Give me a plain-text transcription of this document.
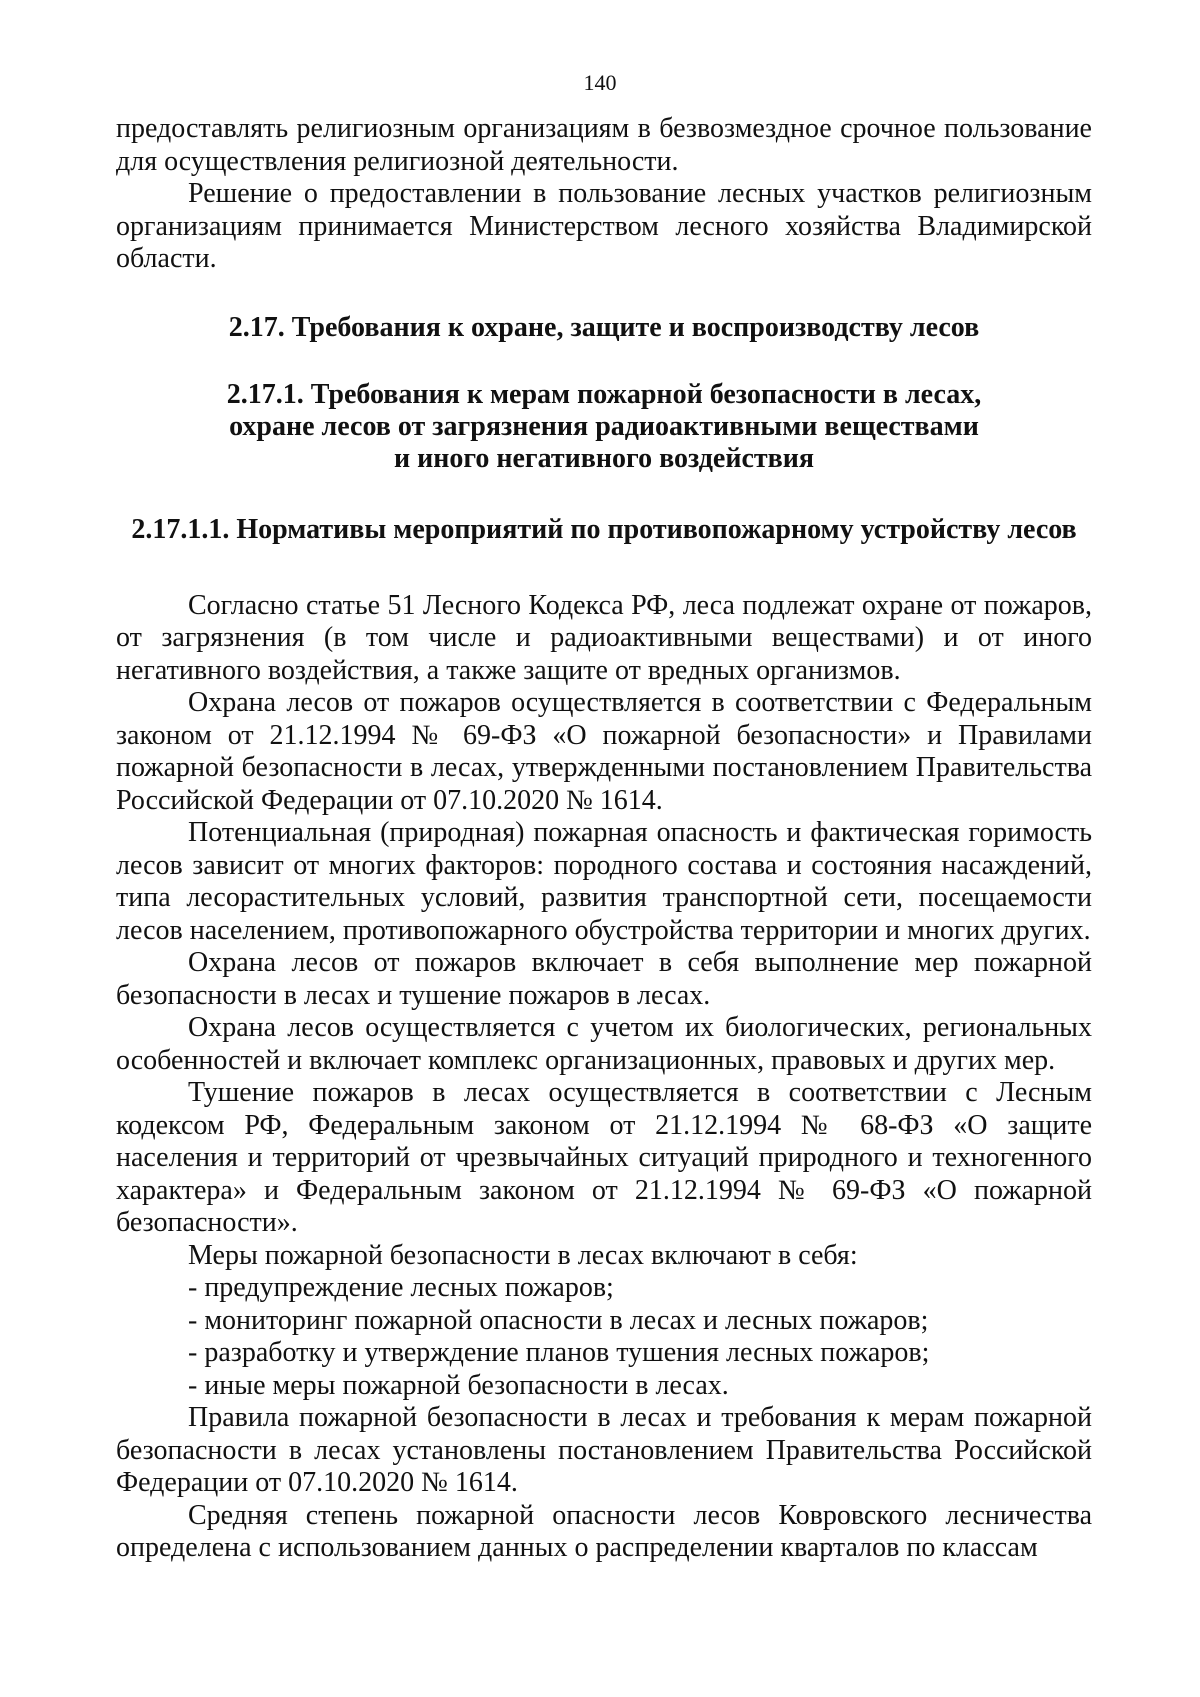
140

предоставлять религиозным организациям в безвозмездное срочное пользование для осуществления религиозной деятельности.

Решение о предоставлении в пользование лесных участков религиозным организациям принимается Министерством лесного хозяйства Владимирской области.

2.17. Требования к охране, защите и воспроизводству лесов
2.17.1. Требования к мерам пожарной безопасности в лесах,
охране лесов от загрязнения радиоактивными веществами
и иного негативного воздействия
2.17.1.1. Нормативы мероприятий по противопожарному устройству лесов

Согласно статье 51 Лесного Кодекса РФ, леса подлежат охране от пожаров, от загрязнения (в том числе и радиоактивными веществами) и от иного негативного воздействия, а также защите от вредных организмов.

Охрана лесов от пожаров осуществляется в соответствии с Федеральным законом от 21.12.1994 № 69-ФЗ «О пожарной безопасности» и Правилами пожарной безопасности в лесах, утвержденными постановлением Правительства Российской Федерации от 07.10.2020 № 1614.

Потенциальная (природная) пожарная опасность и фактическая горимость лесов зависит от многих факторов: породного состава и состояния насаждений, типа лесорастительных условий, развития транспортной сети, посещаемости лесов населением, противопожарного обустройства территории и многих других.

Охрана лесов от пожаров включает в себя выполнение мер пожарной безопасности в лесах и тушение пожаров в лесах.

Охрана лесов осуществляется с учетом их биологических, региональных особенностей и включает комплекс организационных, правовых и других мер.

Тушение пожаров в лесах осуществляется в соответствии с Лесным кодексом РФ, Федеральным законом от 21.12.1994 № 68-ФЗ «О защите населения и территорий от чрезвычайных ситуаций природного и техногенного характера» и Федеральным законом от 21.12.1994 № 69-ФЗ «О пожарной безопасности».

Меры пожарной безопасности в лесах включают в себя:

- предупреждение лесных пожаров;

- мониторинг пожарной опасности в лесах и лесных пожаров;

- разработку и утверждение планов тушения лесных пожаров;

- иные меры пожарной безопасности в лесах.

Правила пожарной безопасности в лесах и требования к мерам пожарной безопасности в лесах установлены постановлением Правительства Российской Федерации от 07.10.2020 № 1614.

Средняя степень пожарной опасности лесов Ковровского лесничества определена с использованием данных о распределении кварталов по классам
